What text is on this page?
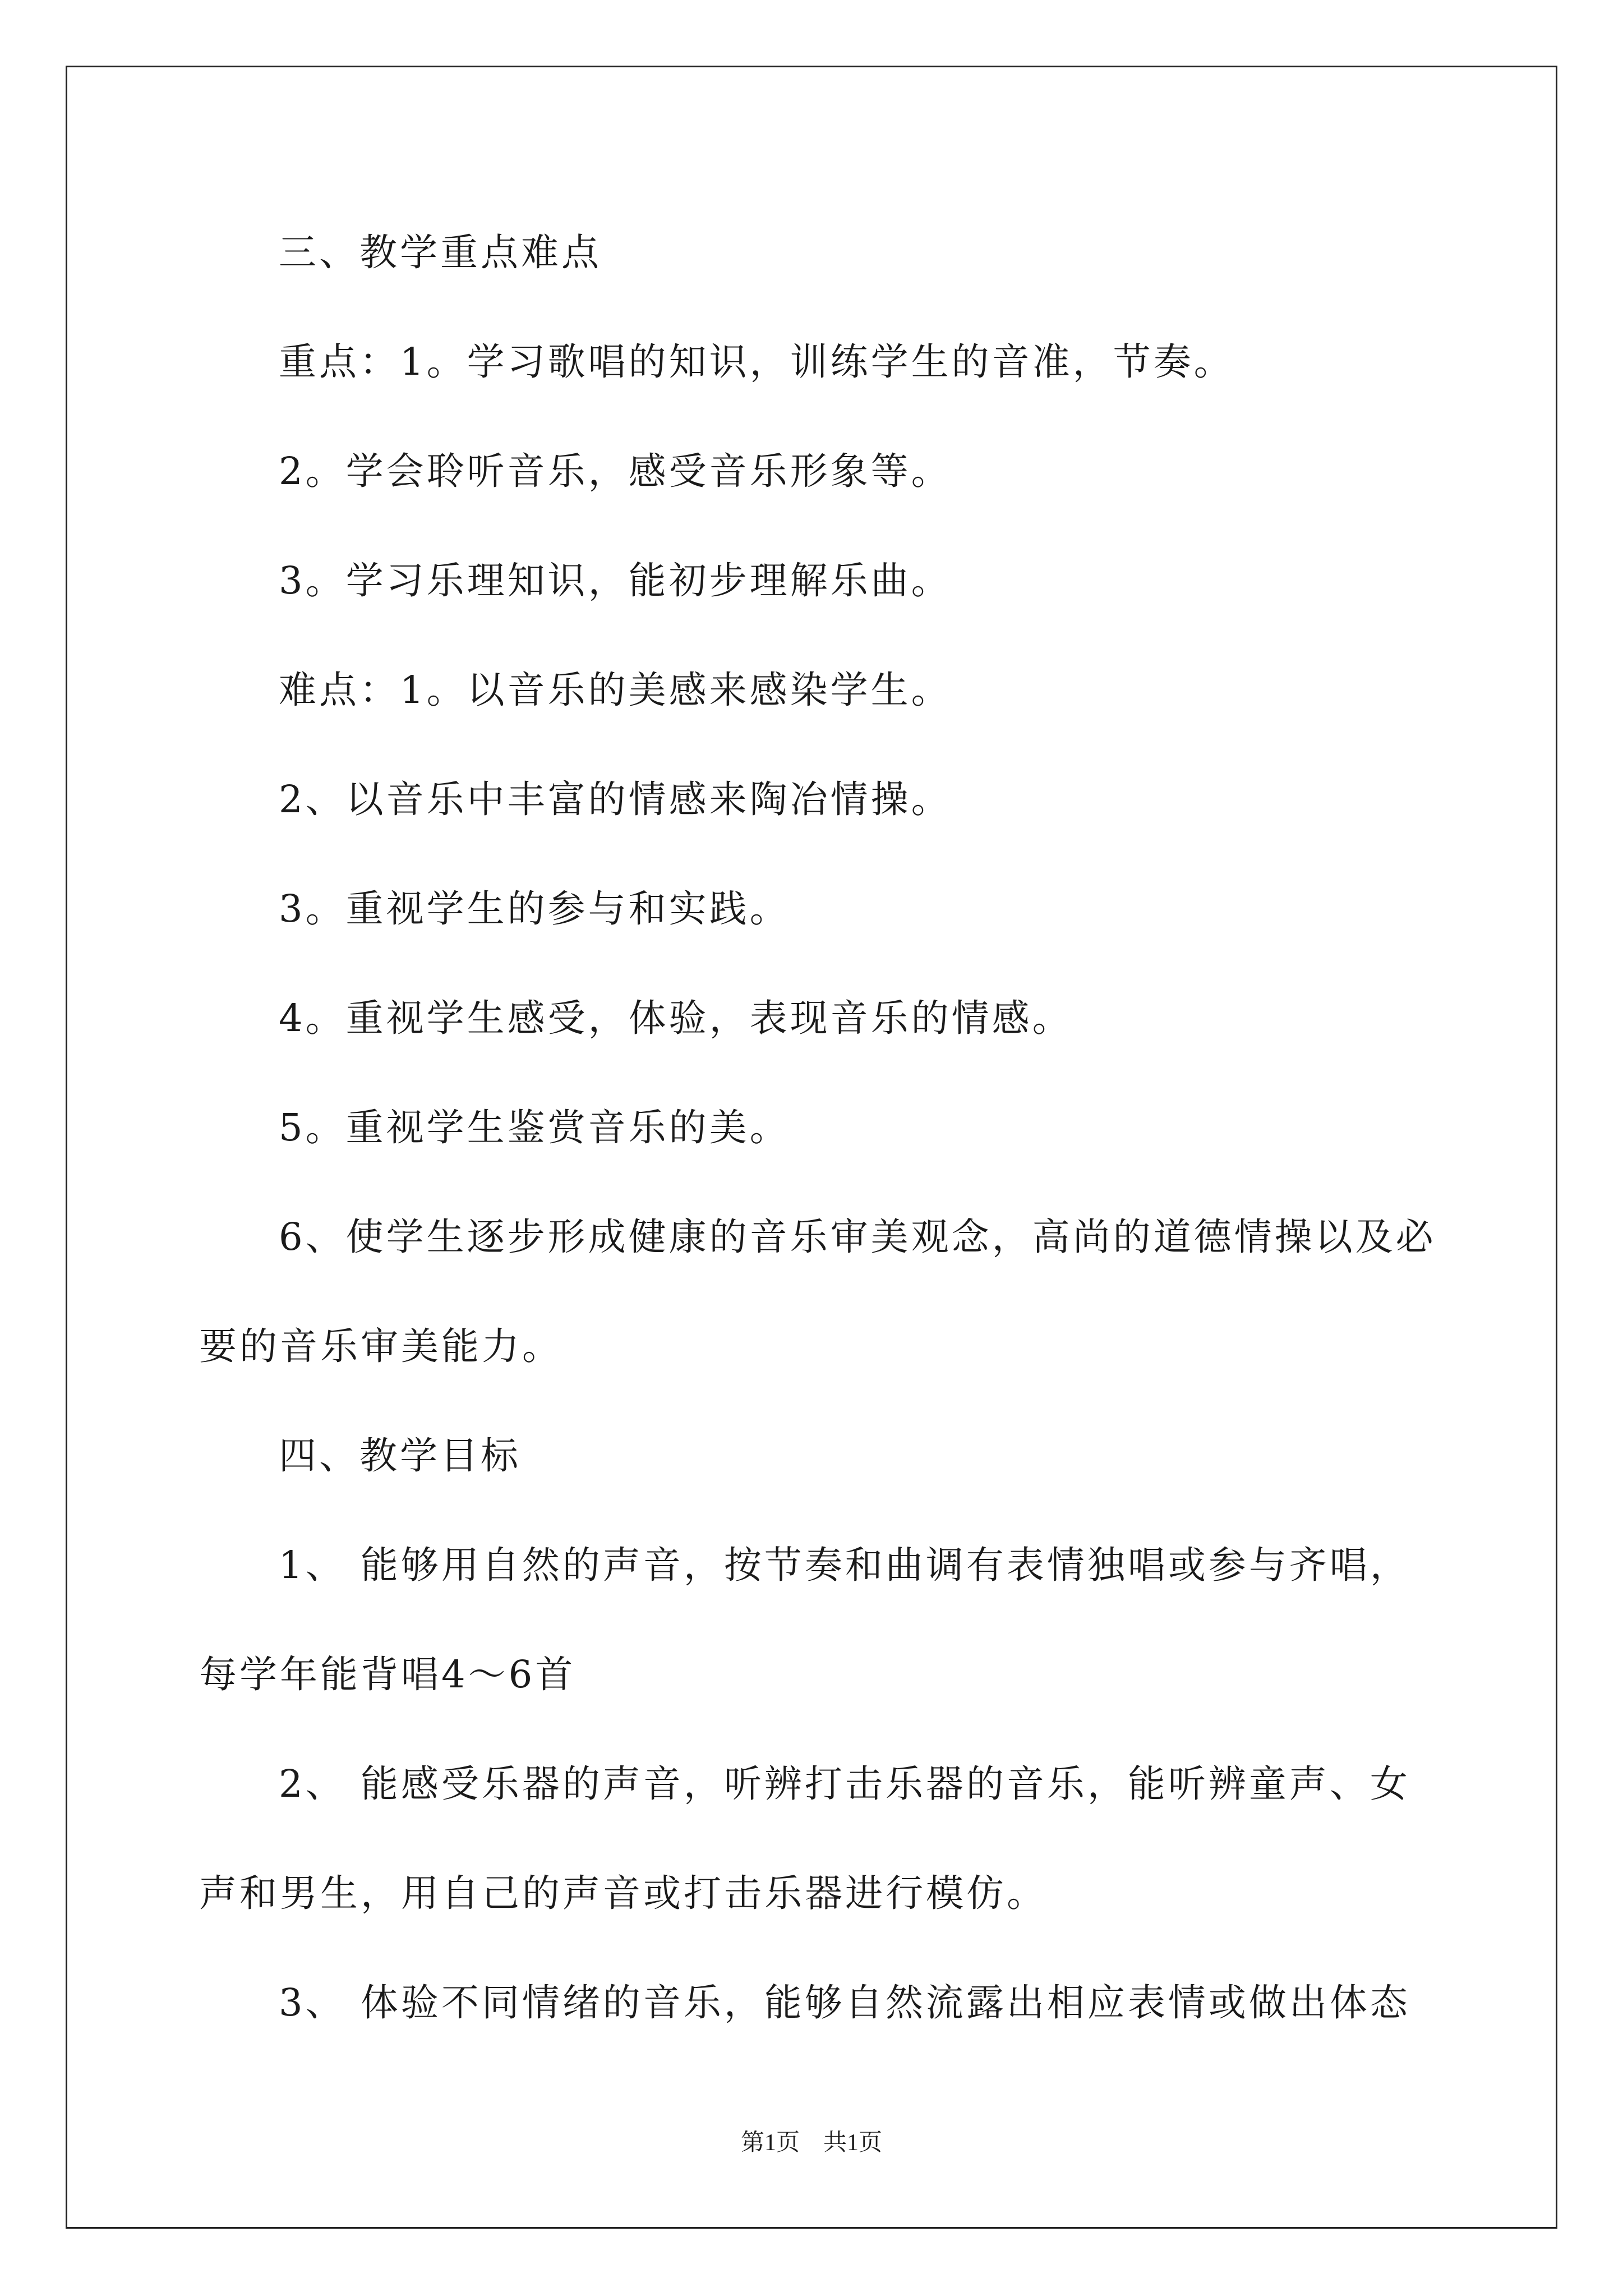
三、教学重点难点
重点：1。学习歌唱的知识，训练学生的音准，节奏。
2。学会聆听音乐，感受音乐形象等。
3。学习乐理知识，能初步理解乐曲。
难点：1。以音乐的美感来感染学生。
2、以音乐中丰富的情感来陶冶情操。
3。重视学生的参与和实践。
4。重视学生感受，体验，表现音乐的情感。
5。重视学生鉴赏音乐的美。
6、使学生逐步形成健康的音乐审美观念，高尚的道德情操以及必
要的音乐审美能力。
四、教学目标
1、 能够用自然的声音，按节奏和曲调有表情独唱或参与齐唱，
每学年能背唱4～6首
2、 能感受乐器的声音，听辨打击乐器的音乐，能听辨童声、女
声和男生，用自己的声音或打击乐器进行模仿。
3、 体验不同情绪的音乐，能够自然流露出相应表情或做出体态
第1页　共1页
